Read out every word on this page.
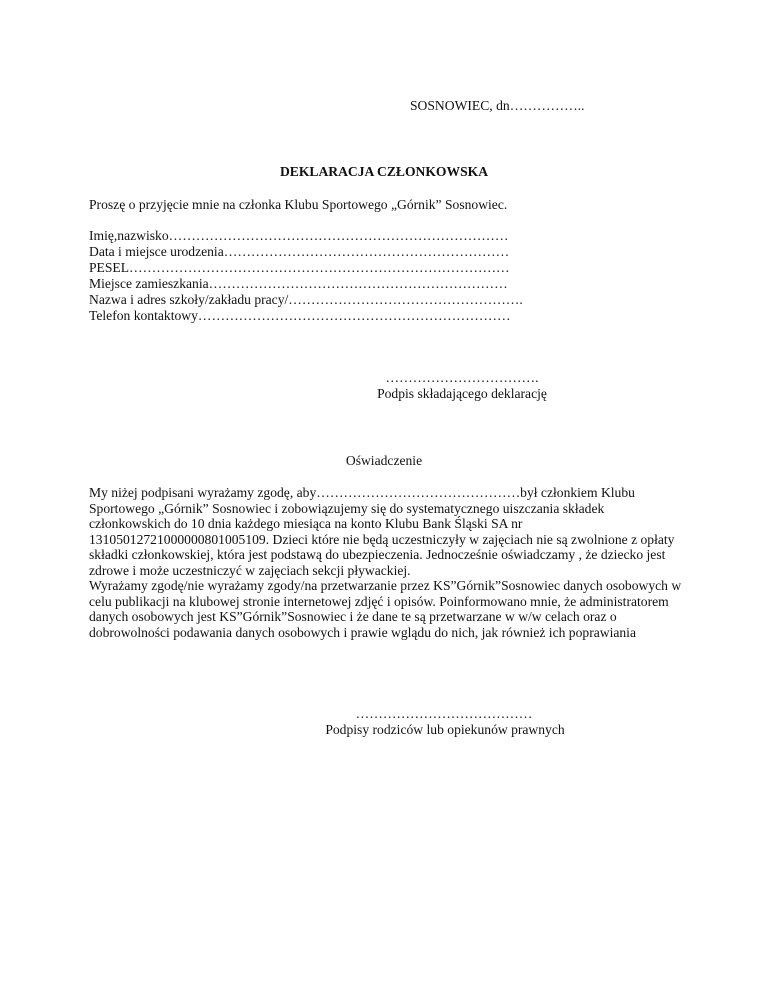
SOSNOWIEC, dn……………..
DEKLARACJA CZŁONKOWSKA
Proszę o przyjęcie mnie na członka Klubu Sportowego „Górnik” Sosnowiec.
Imię,nazwisko…………………………………………………………………
Data i miejsce urodzenia………………………………………………………
PESEL…………………………………………………………………………
Miejsce zamieszkania…………………………………………………………
Nazwa i adres szkoły/zakładu pracy/…………………………………………….
Telefon kontaktowy……………………………………………………………
…………………………….
Podpis składającego deklarację
Oświadczenie

My niżej podpisani wyrażamy zgodę, aby………………………………………był członkiem Klubu Sportowego „Górnik” Sosnowiec i zobowiązujemy się do systematycznego uiszczania składek członkowskich do 10 dnia każdego miesiąca na konto Klubu Bank Śląski SA nr 13105012721000000801005109. Dzieci które nie będą uczestniczyły w zajęciach nie są zwolnione z opłaty składki członkowskiej, która jest podstawą do ubezpieczenia. Jednocześnie oświadczamy , że dziecko jest zdrowe i może uczestniczyć w zajęciach sekcji pływackiej.

Wyrażamy zgodę/nie wyrażamy zgody/na przetwarzanie przez KS”Górnik”Sosnowiec danych osobowych w celu publikacji na klubowej stronie internetowej zdjęć i opisów. Poinformowano mnie, że administratorem danych osobowych jest KS”Górnik”Sosnowiec i że dane te są przetwarzane w w/w celach oraz o dobrowolności podawania danych osobowych i prawie wglądu do nich, jak również ich poprawiania

…………………………………
Podpisy rodziców lub opiekunów prawnych
